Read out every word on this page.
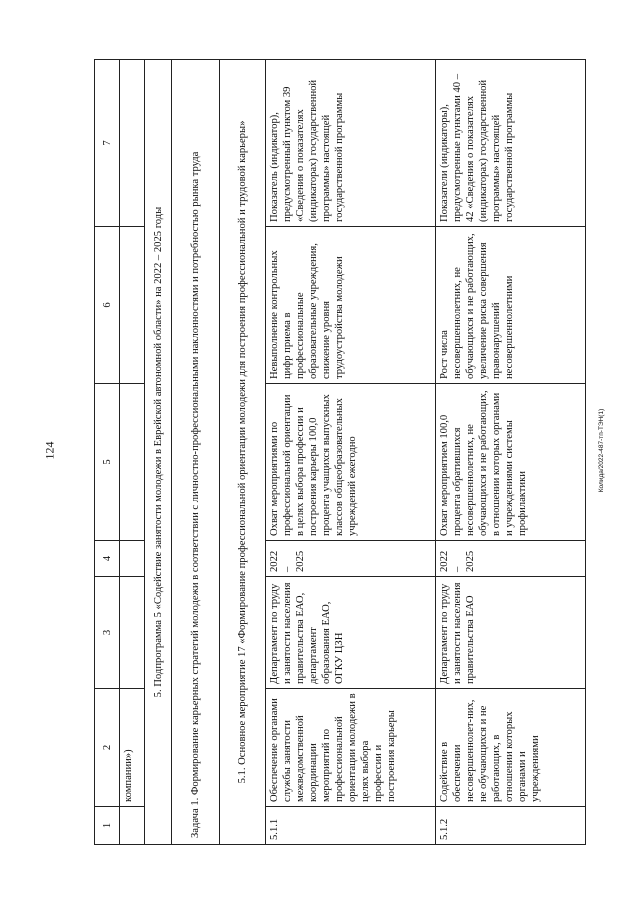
124
1	2	3	4	5	6	7
	компании»)					
5. Подпрограмма 5 «Содействие занятости молодежи в Еврейской автономной области» на 2022 – 2025 годы						
Задача 1. Формирование карьерных стратегий молодежи в соответствии с личностно-профессиональными наклонностями и потребностью рынка труда						
5.1. Основное мероприятие 17 «Формирование профессиональной ориентации молодежи для построения профессиональной и трудовой карьеры»						
5.1.1	Обеспечение органами службы занятости межведомственной координации мероприятий по профессиональной ориентации молодежи в целях выбора профессии и построения карьеры	Департамент по труду и занятости населения правительства ЕАО, департамент образования ЕАО, ОГКУ ЦЗН	2022 – 2025	Охват мероприятиями по профессиональной ориентации в целях выбора профессии и построения карьеры 100,0 процента учащихся выпускных классов общеобразовательных учреждений ежегодно	Невыполнение контрольных цифр приема в профессиональные образовательные учреждения, снижение уровня трудоустройства молодежи	Показатель (индикатор), предусмотренный пунктом 39 «Сведения о показателях (индикаторах) государственной программы» настоящей государственной программы
5.1.2	Содействие в обеспечении несовершеннолет-них, не обучающихся и не работающих, в отношении которых органами и учреждениями	Департамент по труду и занятости населения правительства ЕАО	2022 – 2025	Охват мероприятием 100,0 процента обратившихся несовершеннолетних, не обучающихся и не работающих, в отношении которых органами и учреждениями системы профилактики	Рост числа несовершеннолетних, не обучающихся и не работающих, увеличение риска совершения правонарушений несовершеннолетними	Показатели (индикаторы), предусмотренные пунктами 40 – 42 «Сведения о показателях (индикаторах) государственной программы» настоящей государственной программы
Колида/2022-487-тп-ТЭН(1)
